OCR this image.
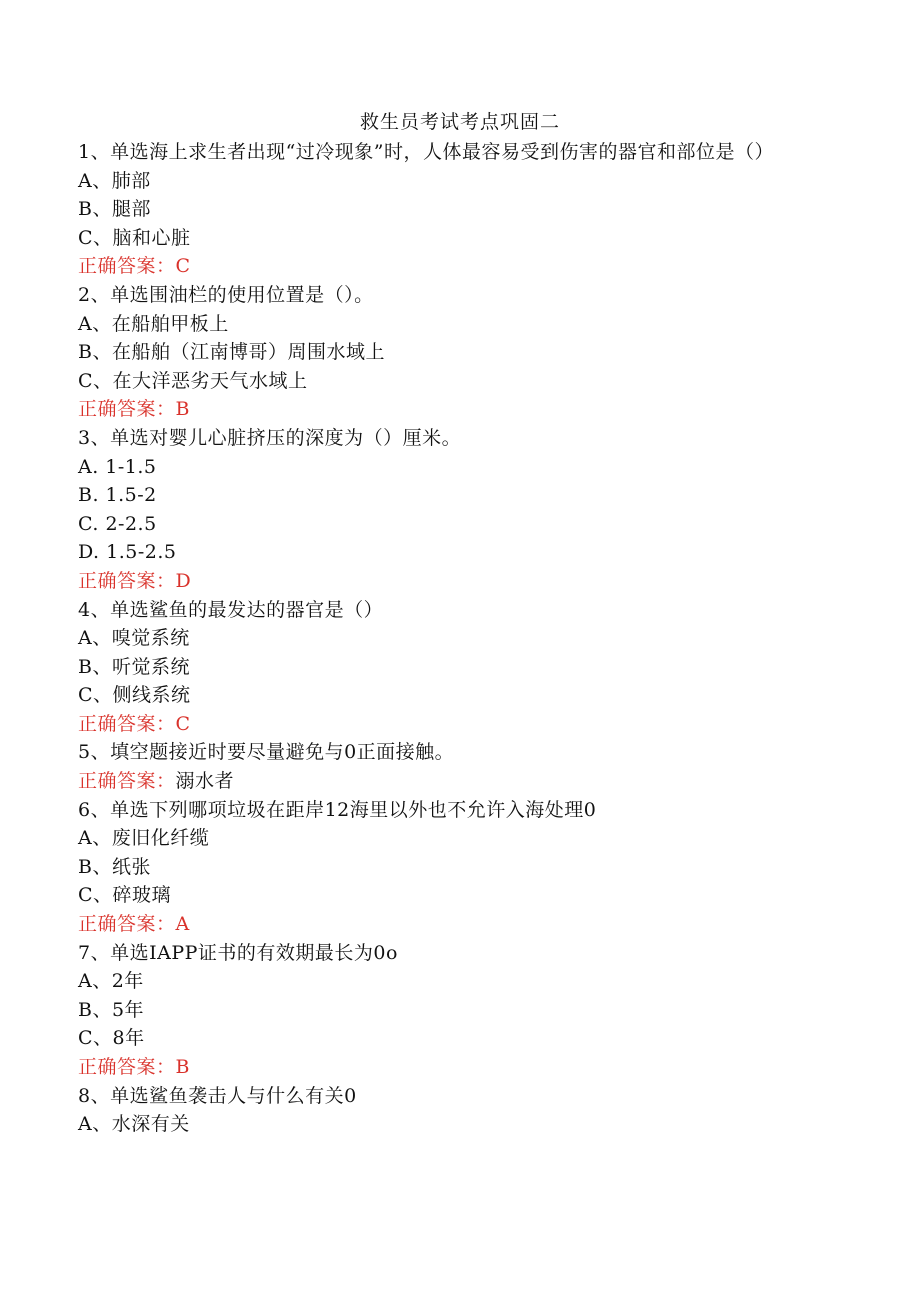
救生员考试考点巩固二
1、单选海上求生者出现“过冷现象”时，人体最容易受到伤害的器官和部位是（）
A、肺部
B、腿部
C、脑和心脏
正确答案：C
2、单选围油栏的使用位置是（）。
A、在船舶甲板上
B、在船舶（江南博哥）周围水域上
C、在大洋恶劣天气水域上
正确答案：B
3、单选对婴儿心脏挤压的深度为（）厘米。
A. 1-1.5
B. 1.5-2
C. 2-2.5
D. 1.5-2.5
正确答案：D
4、单选鲨鱼的最发达的器官是（）
A、嗅觉系统
B、听觉系统
C、侧线系统
正确答案：C
5、填空题接近时要尽量避免与0正面接触。
正确答案：溺水者
6、单选下列哪项垃圾在距岸12海里以外也不允许入海处理0
A、废旧化纤缆
B、纸张
C、碎玻璃
正确答案：A
7、单选IAPP证书的有效期最长为0o
A、2年
B、5年
C、8年
正确答案：B
8、单选鲨鱼袭击人与什么有关0
A、水深有关
